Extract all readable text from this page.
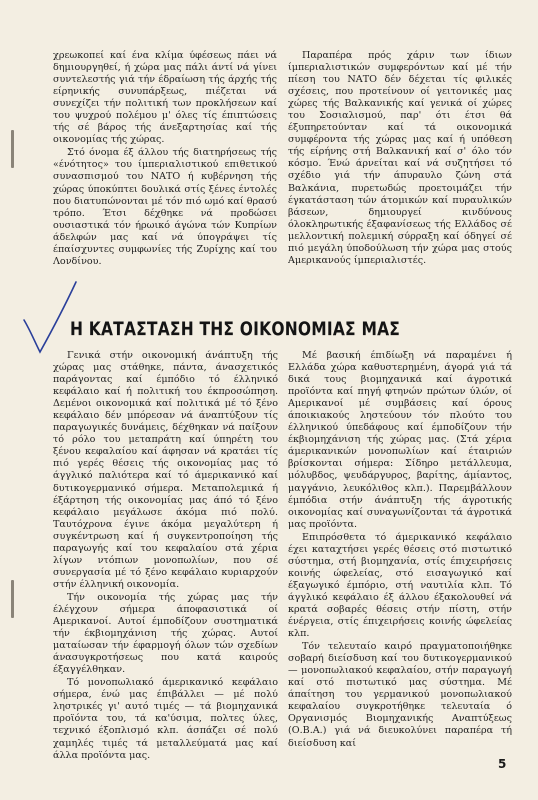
χρεωκοπεί καί ένα κλίμα ύφέσεως πάει νά δημιουργηθεί, ή χώρα μας πάλι άντί νά γίνει συντελεστής γιά τήν έδραίωση τής άρχής τής είρηνικής συνυπάρξεως, πιέζεται νά συνεχίζει τήν πολιτική των προκλήσεων καί του ψυχρού πολέμου μ' όλες τίς έπιπτώσεις τής σέ βάρος τής άνεξαρτησίας καί τής οικονομίας τής χώρας.

Στό όνομα έξ άλλου τής διατηρήσεως τής «ένότητος» του ίμπεριαλιστικού επιθετικού συνασπισμού του ΝΑΤΟ ή κυβέρνηση τής χώρας ύποκύπτει δουλικά στίς ξένες έντολές που διατυπώνονται μέ τόν πιό ωμό καί θρασύ τρόπο. Έτσι δέχθηκε νά προδώσει ουσιαστικά τόν ήρωικό άγώνα τών Κυπρίων άδελφών μας καί νά ύπογράψει τίς έπαίσχυντες συμφωνίες τής Ζυρίχης καί του Λονδίνου.

Παραπέρα πρός χάριν των ίδιων ίμπεριαλιστικών συμφερόντων καί μέ τήν πίεση του ΝΑΤΟ δέν δέχεται τίς φιλικές σχέσεις, που προτείνουν οί γειτονικές μας χώρες τής Βαλκανικής καί γενικά οί χώρες του Σοσιαλισμού, παρ' ότι έτσι θά έξυπηρετούνταν καί τά οικονομικά συμφέροντα τής χώρας μας καί ή υπόθεση τής είρήνης στή Βαλκανική καί σ' όλο τόν κόσμο. Ένώ άρνείται καί νά συζητήσει τό σχέδιο γιά τήν άπυραυλο ζώνη στά Βαλκάνια, πυρετωδώς προετοιμάζει τήν έγκατάσταση τών άτομικών καί πυραυλικών βάσεων, δημιουργεί κινδύνους όλοκληρωτικής έξαφανίσεως τής Ελλάδος σέ μελλοντική πολεμική σύρραξη καί όδηγεί σέ πιό μεγάλη ύποδούλωση τήν χώρα μας στούς Αμερικανούς ίμπεριαλιστές.

Η ΚΑΤΑΣΤΑΣΗ ΤΗΣ ΟΙΚΟΝΟΜΙΑΣ ΜΑΣ

Γενικά στήν οικονομική άνάπτυξη τής χώρας μας στάθηκε, πάντα, άνασχετικός παράγοντας καί έμπόδιο τό έλληνικό κεφάλαιο καί ή πολιτική του έκπροσώπηση. Δεμένοι οικονομικά καί πολιτικά μέ τό ξένο κεφάλαιο δέν μπόρεσαν νά άναπτύξουν τίς παραγωγικές δυνάμεις, δέχθηκαν νά παίξουν τό ρόλο του μεταπράτη καί ύπηρέτη του ξένου κεφαλαίου καί άφησαν νά κρατάει τίς πιό γερές θέσεις τής οικονομίας μας τό άγγλικό παλιότερα καί τό άμερικανικό καί δυτικογερμανικό σήμερα. Μεταπολεμικά ή έξάρτηση τής οικονομίας μας άπό τό ξένο κεφάλαιο μεγάλωσε άκόμα πιό πολύ. Ταυτόχρονα έγινε άκόμα μεγαλύτερη ή συγκέντρωση καί ή συγκεντροποίηση τής παραγωγής καί του κεφαλαίου στά χέρια λίγων ντόπιων μονοπωλίων, που σέ συνεργασία μέ τό ξένο κεφάλαιο κυριαρχούν στήν έλληνική οικονομία.

Τήν οικονομία τής χώρας μας τήν έλέγχουν σήμερα άποφασιστικά οί Αμερικανοί. Αυτοί έμποδίζουν συστηματικά τήν έκβιομηχάνιση τής χώρας. Αυτοί ματαίωσαν τήν έφαρμογή όλων τών σχεδίων άνασυγκροτήσεως που κατά καιρούς έξαγγέλθηκαν.

Τό μονοπωλιακό άμερικανικό κεφάλαιο σήμερα, ένώ μας έπιβάλλει — μέ πολύ ληστρικές γι' αυτό τιμές — τά βιομηχανικά προϊόντα του, τά κα'ύσιμα, πολτες ύλες, τεχνικό έξοπλισμό κλπ. άσπάζει σέ πολύ χαμηλές τιμές τά μεταλλεύματά μας καί άλλα προϊόντα μας.

Μέ βασική έπιδίωξη νά παραμένει ή Ελλάδα χώρα καθυστερημένη, άγορά γιά τά δικά τους βιομηχανικά καί άγροτικά προϊόντα καί πηγή φτηνών πρώτων ύλών, οί Αμερικανοί μέ συμβάσεις καί όρους άποικιακούς ληστεύουν τόν πλούτο του έλληνικού ύπεδάφους καί έμποδίζουν τήν έκβιομηχάνιση τής χώρας μας. (Στά χέρια άμερικανικών μονοπωλίων καί έταιριών βρίσκονται σήμερα: Σίδηρο μετάλλευμα, μόλυβδος, ψευδάργυρος, βαρίτης, άμίαντος, μαγγάνιο, λευκόλιθος κλπ.). Παρεμβάλλουν έμπόδια στήν άνάπτυξη τής άγροτικής οικονομίας καί συναγωνίζονται τά άγροτικά μας προϊόντα.

Επιπρόσθετα τό άμερικανικό κεφάλαιο έχει καταχτήσει γερές θέσεις στό πιστωτικό σύστημα, στή βιομηχανία, στίς έπιχειρήσεις κοινής ώφελείας, στό εισαγωγικό καί έξαγωγικό έμπόριο, στή ναυτιλία κλπ. Τό άγγλικό κεφάλαιο έξ άλλου έξακολουθεί νά κρατά σοβαρές θέσεις στήν πίστη, στήν ένέργεια, στίς έπιχειρήσεις κοινής ώφελείας κλπ.

Τόν τελευταίο καιρό πραγματοποιήθηκε σοβαρή διείσδυση καί του δυτικογερμανικού — μονοπωλιακού κεφαλαίου, στήν παραγωγή καί στό πιστωτικό μας σύστημα. Μέ άπαίτηση του γερμανικού μονοπωλιακού κεφαλαίου συγκροτήθηκε τελευταία ό Οργανισμός Βιομηχανικής Αναπτύξεως (Ο.Β.Α.) γιά νά διευκολύνει παραπέρα τή διείσδυση καί

5
